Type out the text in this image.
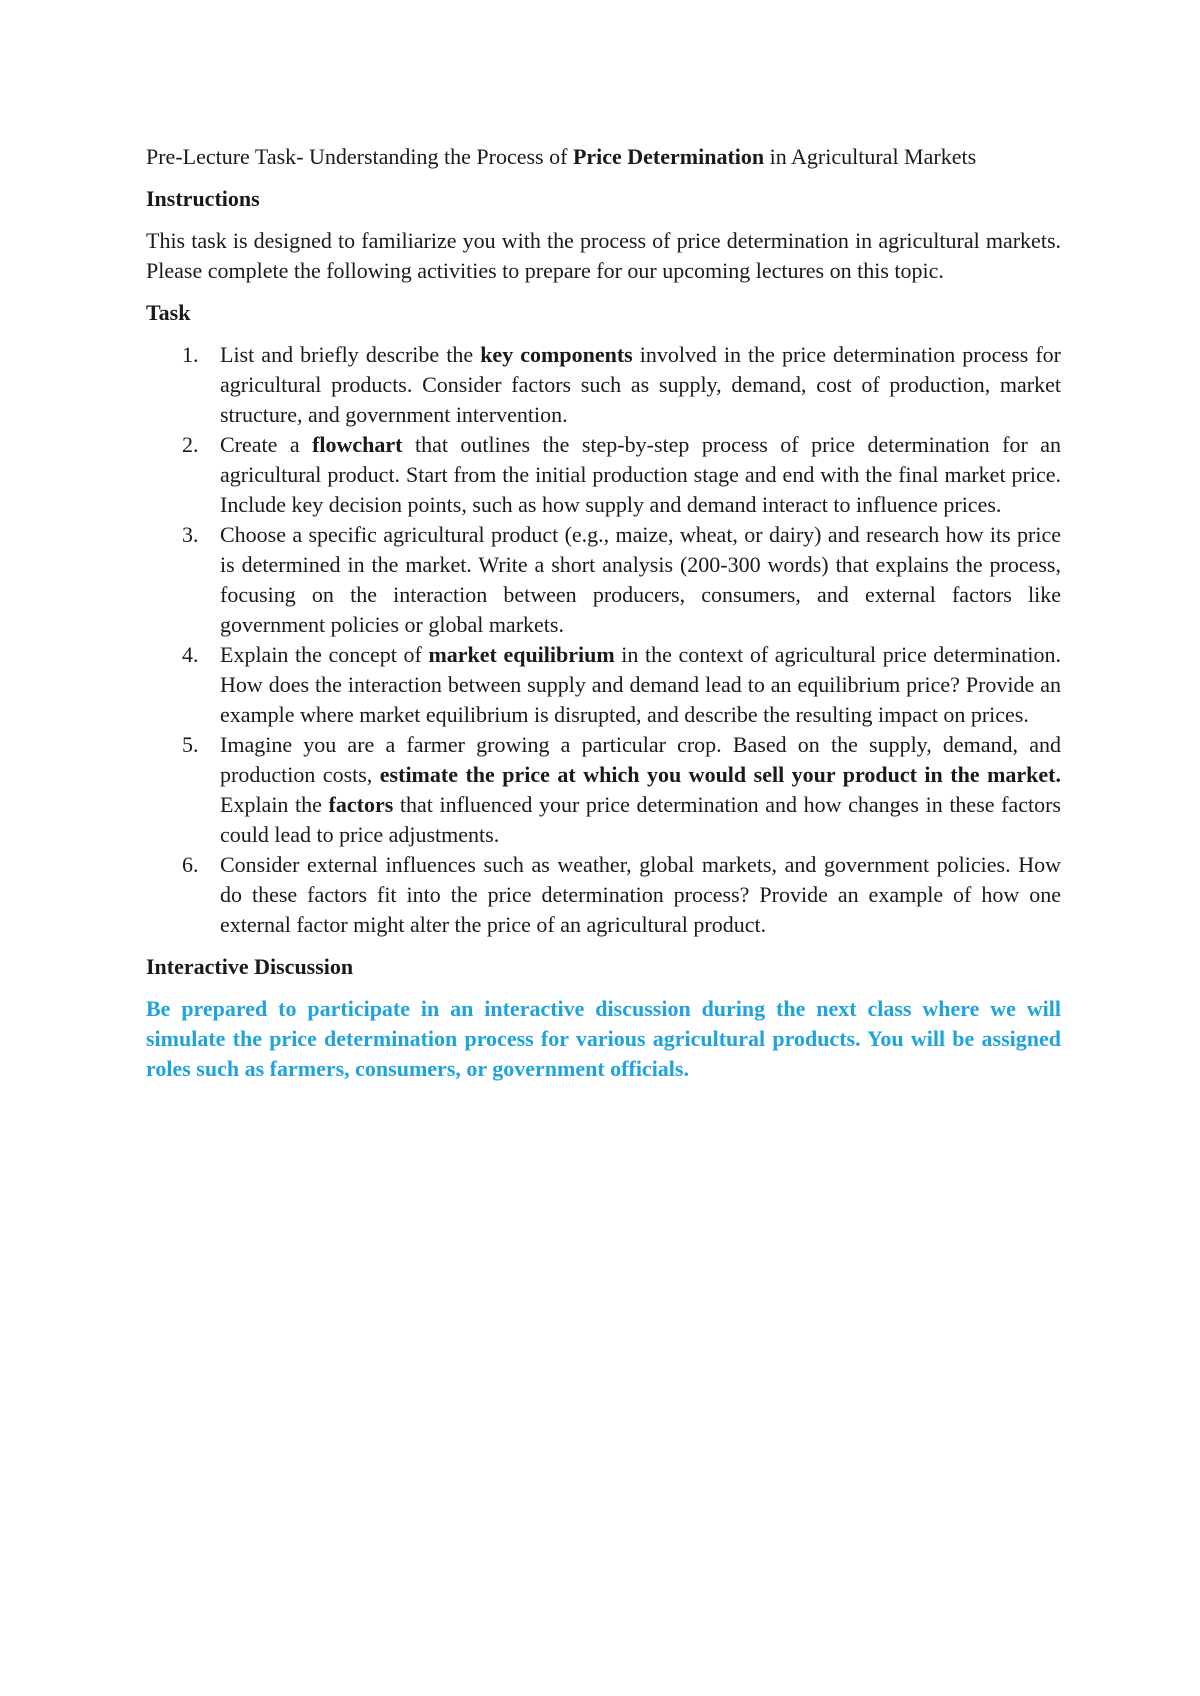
Pre-Lecture Task- Understanding the Process of Price Determination in Agricultural Markets

Instructions

This task is designed to familiarize you with the process of price determination in agricultural markets. Please complete the following activities to prepare for our upcoming lectures on this topic.

Task

1. List and briefly describe the key components involved in the price determination process for agricultural products. Consider factors such as supply, demand, cost of production, market structure, and government intervention.
2. Create a flowchart that outlines the step-by-step process of price determination for an agricultural product. Start from the initial production stage and end with the final market price. Include key decision points, such as how supply and demand interact to influence prices.
3. Choose a specific agricultural product (e.g., maize, wheat, or dairy) and research how its price is determined in the market. Write a short analysis (200-300 words) that explains the process, focusing on the interaction between producers, consumers, and external factors like government policies or global markets.
4. Explain the concept of market equilibrium in the context of agricultural price determination. How does the interaction between supply and demand lead to an equilibrium price? Provide an example where market equilibrium is disrupted, and describe the resulting impact on prices.
5. Imagine you are a farmer growing a particular crop. Based on the supply, demand, and production costs, estimate the price at which you would sell your product in the market. Explain the factors that influenced your price determination and how changes in these factors could lead to price adjustments.
6. Consider external influences such as weather, global markets, and government policies. How do these factors fit into the price determination process? Provide an example of how one external factor might alter the price of an agricultural product.

Interactive Discussion

Be prepared to participate in an interactive discussion during the next class where we will simulate the price determination process for various agricultural products. You will be assigned roles such as farmers, consumers, or government officials.
